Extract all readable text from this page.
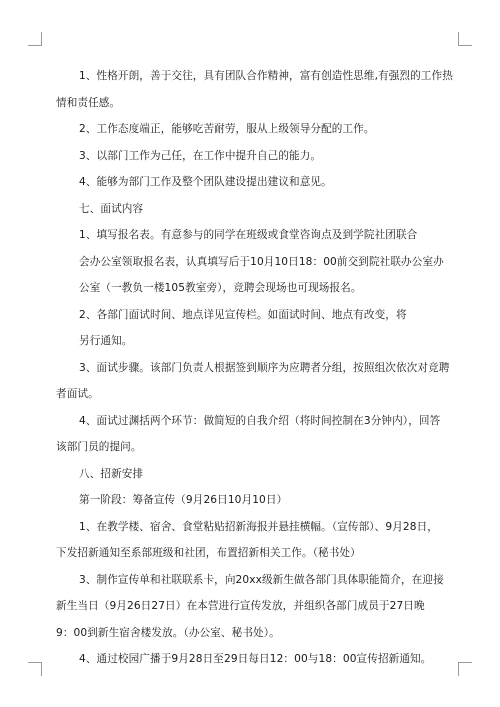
1、性格开朗，善于交往，具有团队合作精神，富有创造性思维,有强烈的工作热
情和责任感。
2、工作态度端正，能够吃苦耐劳，服从上级领导分配的工作。
3、以部门工作为己任，在工作中提升自己的能力。
4、能够为部门工作及整个团队建设提出建议和意见。
七、面试内容
1、填写报名表。有意参与的同学在班级或食堂咨询点及到学院社团联合
会办公室领取报名表，认真填写后于10月10日18：00前交到院社联办公室办
公室（一教负一楼105教室旁），竞聘会现场也可现场报名。
2、各部门面试时间、地点详见宣传栏。如面试时间、地点有改变，将
另行通知。
3、面试步骤。该部门负责人根据签到顺序为应聘者分组，按照组次依次对竞聘
者面试。
4、面试过渊括两个环节：做简短的自我介绍（将时间控制在3分钟内），回答
该部门员的提问。
八、招新安排
第一阶段：筹备宣传（9月26日10月10日）
1、在教学楼、宿舍、食堂粘贴招新海报并悬挂横幅。（宣传部）、9月28日，
下发招新通知至系部班级和社团，布置招新相关工作。（秘书处）
3、制作宣传单和社联联系卡，向20xx级新生做各部门具体职能简介，在迎接
新生当日（9月26日27日）在本营进行宣传发放，并组织各部门成员于27日晚
9：00到新生宿舍楼发放。（办公室、秘书处）。
4、通过校园广播于9月28日至29日每日12：00与18：00宣传招新通知。
